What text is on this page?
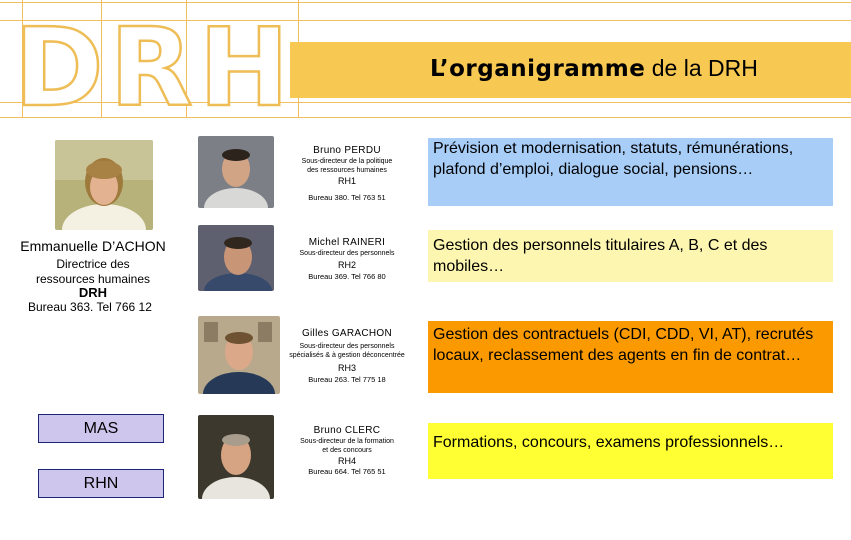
DRH	L’organigramme de la DRH
Emmanuelle D’ACHON
Directrice des
ressources humaines
DRH
Bureau 363. Tel 766 12
Bruno PERDU
Sous-directeur de la politique
des ressources humaines
RH1
Bureau 380. Tel 763 51
Michel RAINERI
Sous-directeur des personnels
RH2
Bureau 369. Tel 766 80
Gilles GARACHON
Sous-directeur des personnels
spécialisés & à gestion déconcentrée
RH3
Bureau 263. Tel 775 18
Bruno CLERC
Sous-directeur de la formation
et des concours
RH4
Bureau 664. Tel 765 51
Prévision et modernisation, statuts, rémunérations, plafond d’emploi, dialogue social, pensions…
Gestion des personnels titulaires A, B, C et des mobiles…
Gestion des contractuels (CDI, CDD, VI, AT), recrutés locaux, reclassement des agents en fin de contrat…
Formations, concours, examens professionnels…
MAS
RHN
